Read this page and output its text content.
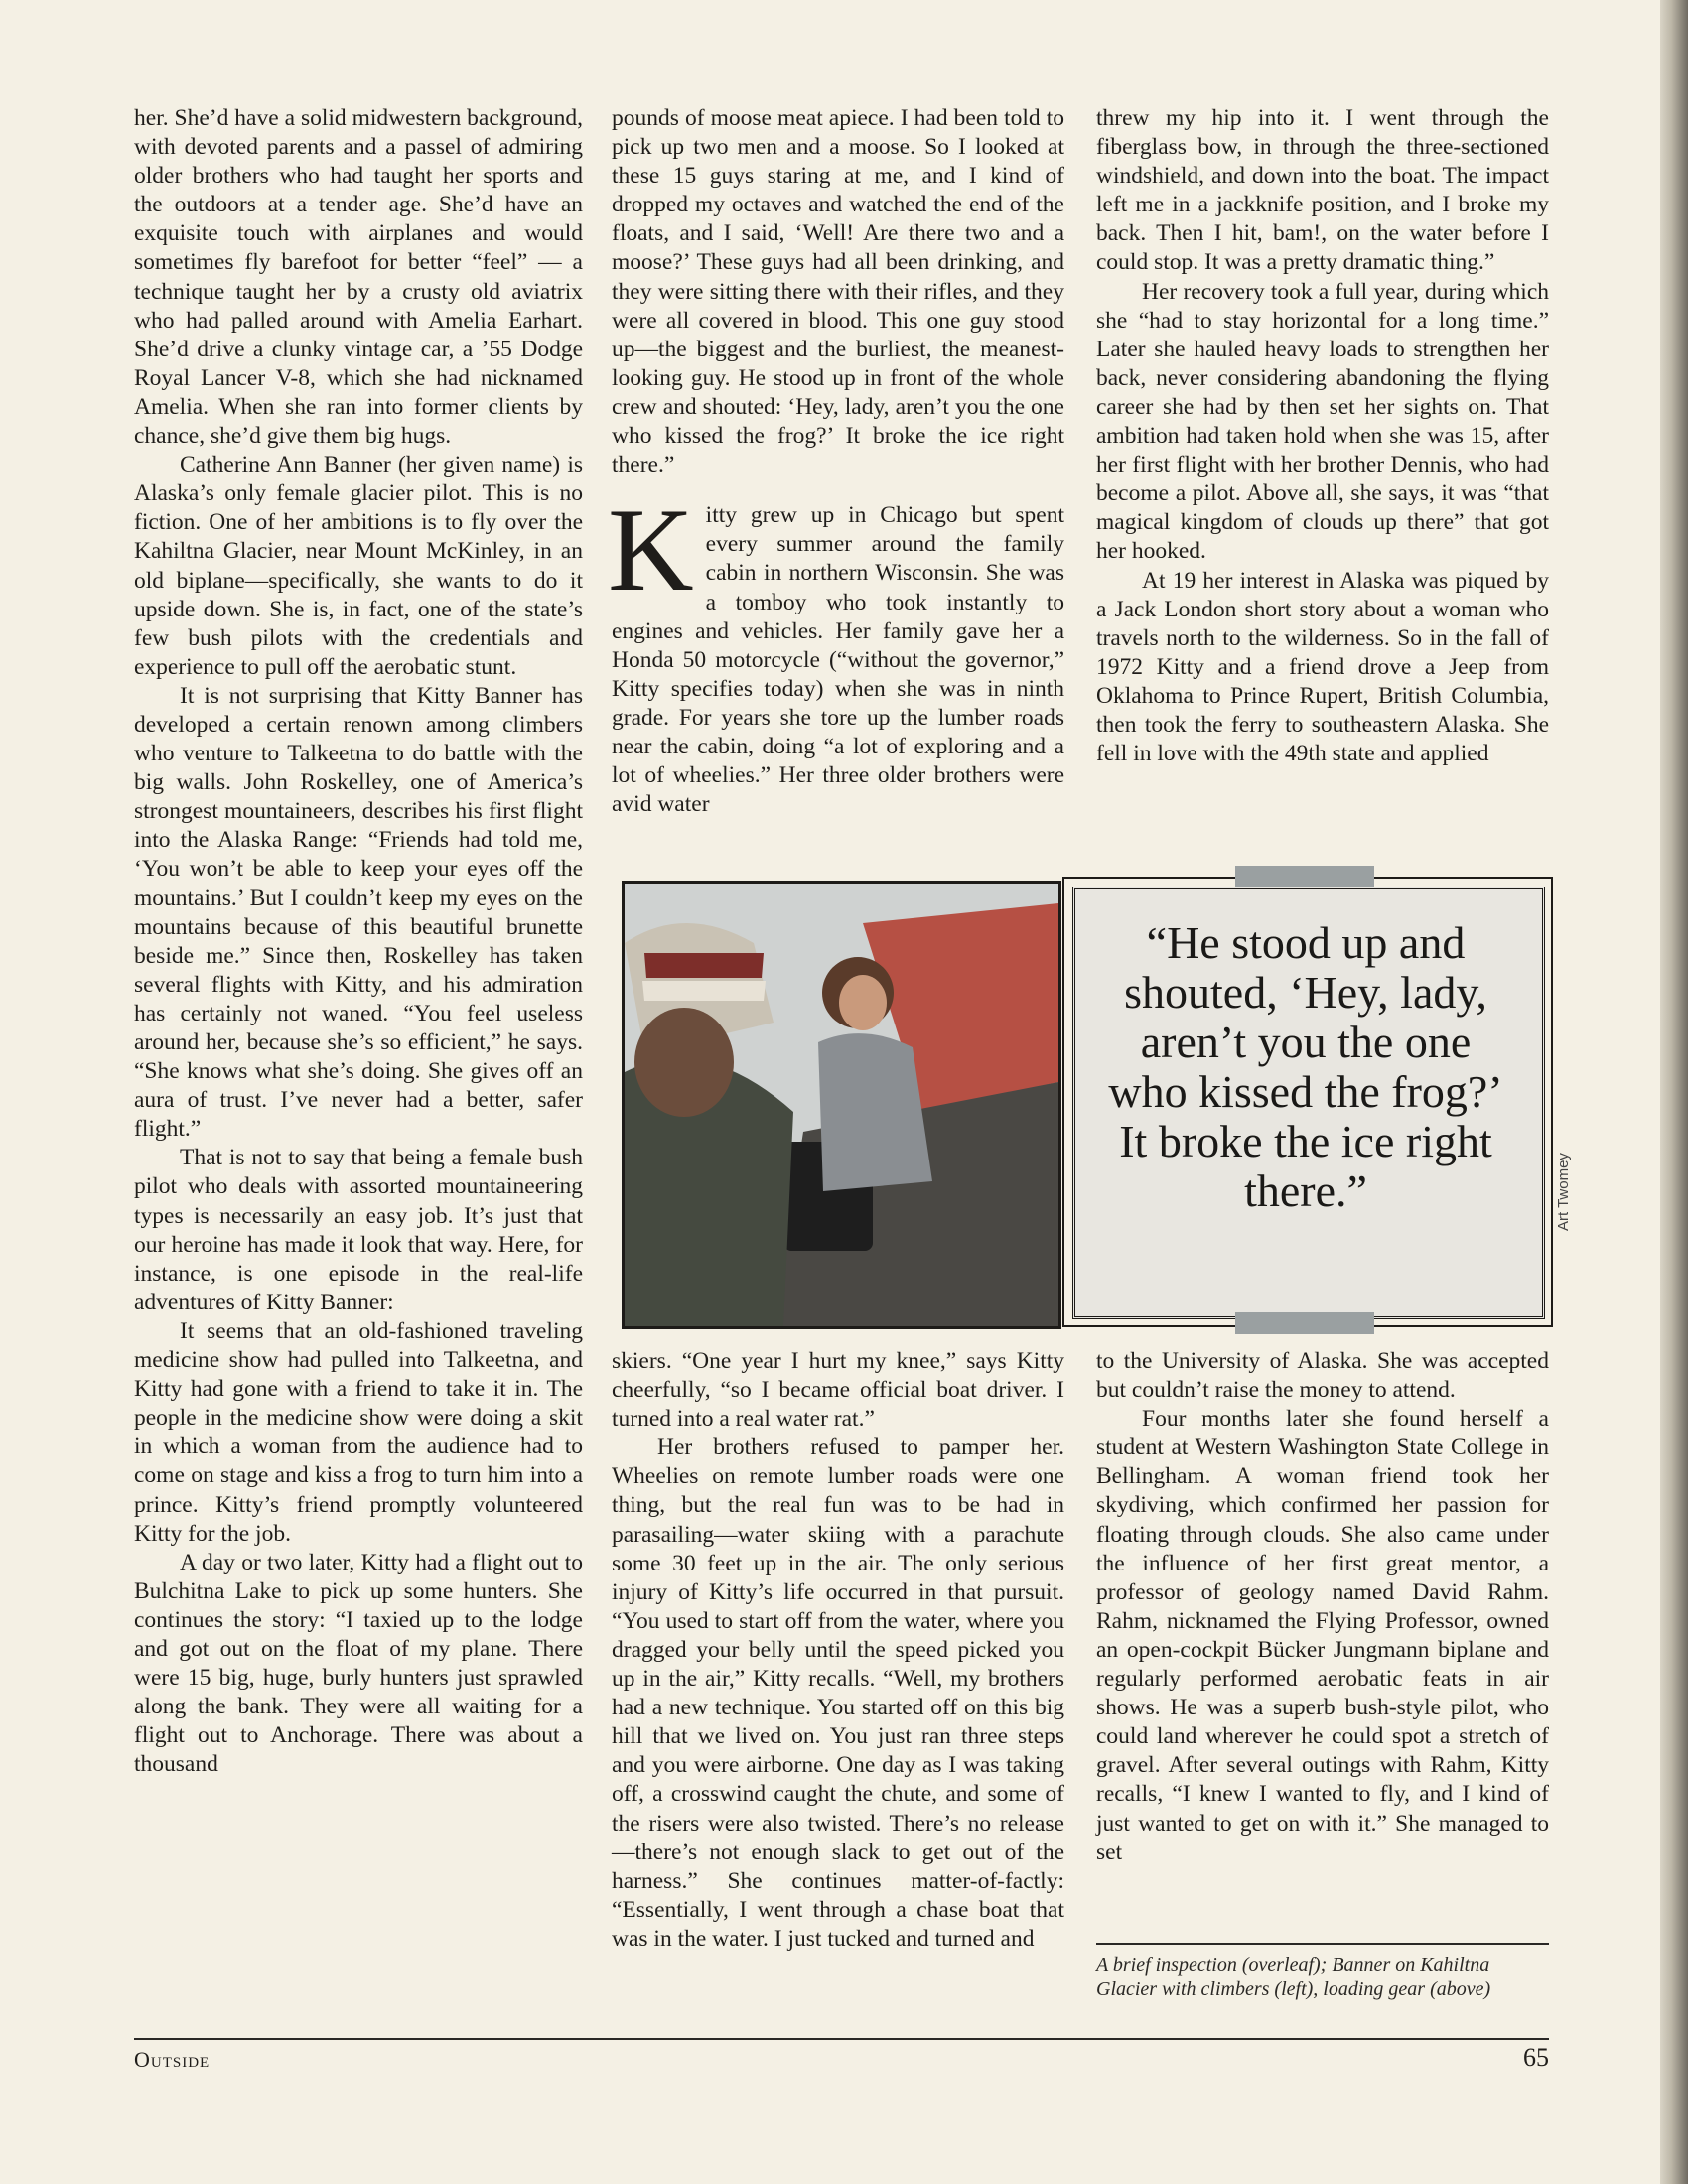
her. She’d have a solid midwestern background, with devoted parents and a passel of admiring older brothers who had taught her sports and the outdoors at a tender age. She’d have an exquisite touch with airplanes and would sometimes fly barefoot for better “feel” — a technique taught her by a crusty old aviatrix who had palled around with Amelia Earhart. She’d drive a clunky vintage car, a ’55 Dodge Royal Lancer V-8, which she had nicknamed Amelia. When she ran into former clients by chance, she’d give them big hugs.

Catherine Ann Banner (her given name) is Alaska’s only female glacier pilot. This is no fiction. One of her ambitions is to fly over the Kahiltna Glacier, near Mount McKinley, in an old biplane—specifically, she wants to do it upside down. She is, in fact, one of the state’s few bush pilots with the credentials and experience to pull off the aerobatic stunt.

It is not surprising that Kitty Banner has developed a certain renown among climbers who venture to Talkeetna to do battle with the big walls. John Roskelley, one of America’s strongest mountaineers, describes his first flight into the Alaska Range: “Friends had told me, ‘You won’t be able to keep your eyes off the mountains.’ But I couldn’t keep my eyes on the mountains because of this beautiful brunette beside me.” Since then, Roskelley has taken several flights with Kitty, and his admiration has certainly not waned. “You feel useless around her, because she’s so efficient,” he says. “She knows what she’s doing. She gives off an aura of trust. I’ve never had a better, safer flight.”

That is not to say that being a female bush pilot who deals with assorted mountaineering types is necessarily an easy job. It’s just that our heroine has made it look that way. Here, for instance, is one episode in the real-life adventures of Kitty Banner:

It seems that an old-fashioned traveling medicine show had pulled into Talkeetna, and Kitty had gone with a friend to take it in. The people in the medicine show were doing a skit in which a woman from the audience had to come on stage and kiss a frog to turn him into a prince. Kitty’s friend promptly volunteered Kitty for the job.

A day or two later, Kitty had a flight out to Bulchitna Lake to pick up some hunters. She continues the story: “I taxied up to the lodge and got out on the float of my plane. There were 15 big, huge, burly hunters just sprawled along the bank. They were all waiting for a flight out to Anchorage. There was about a thousand

pounds of moose meat apiece. I had been told to pick up two men and a moose. So I looked at these 15 guys staring at me, and I kind of dropped my octaves and watched the end of the floats, and I said, ‘Well! Are there two and a moose?’ These guys had all been drinking, and they were sitting there with their rifles, and they were all covered in blood. This one guy stood up—the biggest and the burliest, the meanest-looking guy. He stood up in front of the whole crew and shouted: ‘Hey, lady, aren’t you the one who kissed the frog?’ It broke the ice right there.”

Kitty grew up in Chicago but spent every summer around the family cabin in northern Wisconsin. She was a tomboy who took instantly to engines and vehicles. Her family gave her a Honda 50 motorcycle (“without the governor,” Kitty specifies today) when she was in ninth grade. For years she tore up the lumber roads near the cabin, doing “a lot of exploring and a lot of wheelies.” Her three older brothers were avid water

threw my hip into it. I went through the fiberglass bow, in through the three-sectioned windshield, and down into the boat. The impact left me in a jackknife position, and I broke my back. Then I hit, bam!, on the water before I could stop. It was a pretty dramatic thing.”

Her recovery took a full year, during which she “had to stay horizontal for a long time.” Later she hauled heavy loads to strengthen her back, never considering abandoning the flying career she had by then set her sights on. That ambition had taken hold when she was 15, after her first flight with her brother Dennis, who had become a pilot. Above all, she says, it was “that magical kingdom of clouds up there” that got her hooked.

At 19 her interest in Alaska was piqued by a Jack London short story about a woman who travels north to the wilderness. So in the fall of 1972 Kitty and a friend drove a Jeep from Oklahoma to Prince Rupert, British Columbia, then took the ferry to southeastern Alaska. She fell in love with the 49th state and applied

“He stood up and shouted, ‘Hey, lady, aren’t you the one who kissed the frog?’ It broke the ice right there.”	Art Twomey

skiers. “One year I hurt my knee,” says Kitty cheerfully, “so I became official boat driver. I turned into a real water rat.”

Her brothers refused to pamper her. Wheelies on remote lumber roads were one thing, but the real fun was to be had in parasailing—water skiing with a parachute some 30 feet up in the air. The only serious injury of Kitty’s life occurred in that pursuit. “You used to start off from the water, where you dragged your belly until the speed picked you up in the air,” Kitty recalls. “Well, my brothers had a new technique. You started off on this big hill that we lived on. You just ran three steps and you were airborne. One day as I was taking off, a crosswind caught the chute, and some of the risers were also twisted. There’s no release—there’s not enough slack to get out of the harness.” She continues matter-of-factly: “Essentially, I went through a chase boat that was in the water. I just tucked and turned and

to the University of Alaska. She was accepted but couldn’t raise the money to attend.

Four months later she found herself a student at Western Washington State College in Bellingham. A woman friend took her skydiving, which confirmed her passion for floating through clouds. She also came under the influence of her first great mentor, a professor of geology named David Rahm. Rahm, nicknamed the Flying Professor, owned an open-cockpit Bücker Jungmann biplane and regularly performed aerobatic feats in air shows. He was a superb bush-style pilot, who could land wherever he could spot a stretch of gravel. After several outings with Rahm, Kitty recalls, “I knew I wanted to fly, and I kind of just wanted to get on with it.” She managed to set

A brief inspection (overleaf); Banner on Kahiltna Glacier with climbers (left), loading gear (above)
Outside	65
